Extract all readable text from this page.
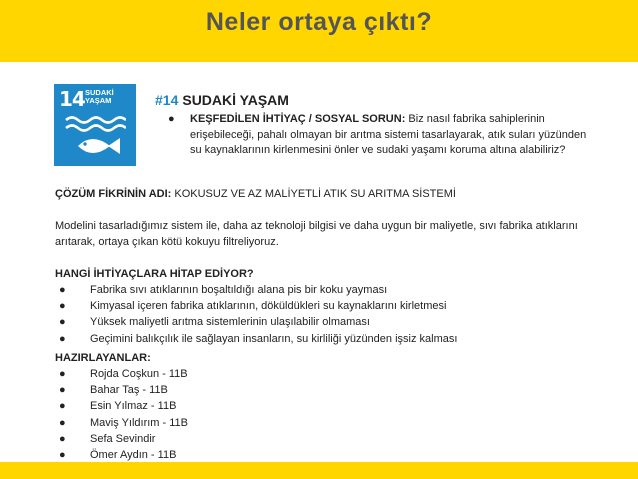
Neler ortaya çıktı?
14 SUDAKİ
YAŞAM	#14 SUDAKİ YAŞAM
● KEŞFEDİLEN İHTİYAÇ / SOSYAL SORUN: Biz nasıl fabrika sahiplerinin erişebileceği, pahalı olmayan bir arıtma sistemi tasarlayarak, atık suları yüzünden su kaynaklarının kirlenmesini önler ve sudaki yaşamı koruma altına alabiliriz?
ÇÖZÜM FİKRİNİN ADI: KOKUSUZ VE AZ MALİYETLİ ATIK SU ARITMA SİSTEMİ
Modelini tasarladığımız sistem ile, daha az teknoloji bilgisi ve daha uygun bir maliyetle, sıvı fabrika atıklarını arıtarak, ortaya çıkan kötü kokuyu filtreliyoruz.
HANGİ İHTİYAÇLARA HİTAP EDİYOR?
● Fabrika sıvı atıklarının boşaltıldığı alana pis bir koku yayması
● Kimyasal içeren fabrika atıklarının, döküldükleri su kaynaklarını kirletmesi
● Yüksek maliyetli arıtma sistemlerinin ulaşılabilir olmaması
● Geçimini balıkçılık ile sağlayan insanların, su kirliliği yüzünden işsiz kalması
HAZIRLAYANLAR:
● Rojda Coşkun - 11B
● Bahar Taş - 11B
● Esin Yılmaz - 11B
● Maviş Yıldırım - 11B
● Sefa Sevindir
● Ömer Aydın - 11B
